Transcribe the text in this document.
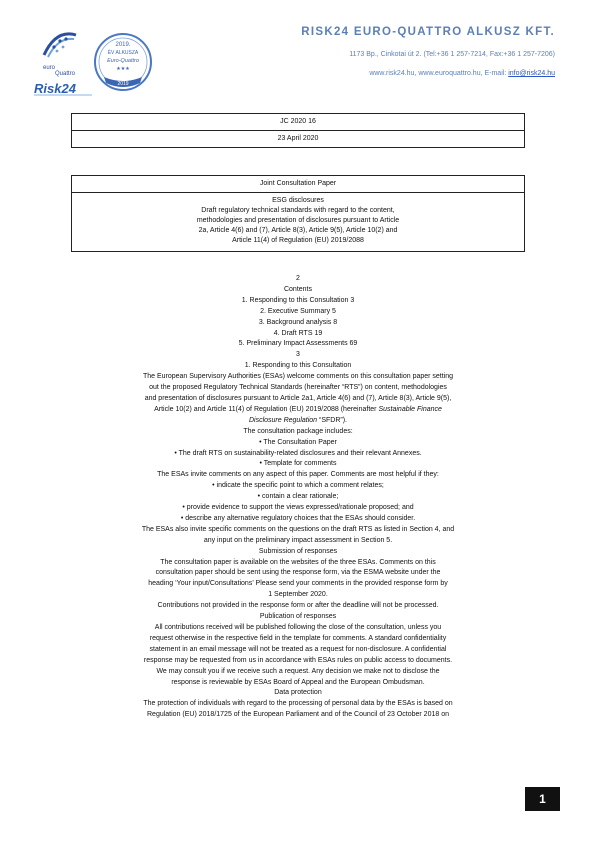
euro
Quattro
Risk24
2019.
ÉV ALKUSZA
Euro-Quattro
★★★
2019
RISK24 EURO-QUATTRO ALKUSZ KFT.
1173 Bp., Cinkotai út 2. (Tel:+36 1 257-7214, Fax:+36 1 257-7206)
www.risk24.hu, www.euroquattro.hu, E-mail: info@risk24.hu
JC 2020 16
23 April 2020
Joint Consultation Paper
ESG disclosures
Draft regulatory technical standards with regard to the content,
methodologies and presentation of disclosures pursuant to Article
2a, Article 4(6) and (7), Article 8(3), Article 9(5), Article 10(2) and
Article 11(4) of Regulation (EU) 2019/2088
2
Contents
1. Responding to this Consultation 3
2. Executive Summary 5
3. Background analysis 8
4. Draft RTS 19
5. Preliminary Impact Assessments 69
3
1. Responding to this Consultation
The European Supervisory Authorities (ESAs) welcome comments on this consultation paper setting
out the proposed Regulatory Technical Standards (hereinafter “RTS”) on content, methodologies
and presentation of disclosures pursuant to Article 2a1, Article 4(6) and (7), Article 8(3), Article 9(5),
Article 10(2) and Article 11(4) of Regulation (EU) 2019/2088 (hereinafter Sustainable Finance
Disclosure Regulation “SFDR”).
The consultation package includes:
• The Consultation Paper
• The draft RTS on sustainability-related disclosures and their relevant Annexes.
• Template for comments
The ESAs invite comments on any aspect of this paper. Comments are most helpful if they:
• indicate the specific point to which a comment relates;
• contain a clear rationale;
• provide evidence to support the views expressed/rationale proposed; and
• describe any alternative regulatory choices that the ESAs should consider.
The ESAs also invite specific comments on the questions on the draft RTS as listed in Section 4, and
any input on the preliminary impact assessment in Section 5.
Submission of responses
The consultation paper is available on the websites of the three ESAs. Comments on this
consultation paper should be sent using the response form, via the ESMA website under the
heading ‘Your input/Consultations’ Please send your comments in the provided response form by
1 September 2020.
Contributions not provided in the response form or after the deadline will not be processed.
Publication of responses
All contributions received will be published following the close of the consultation, unless you
request otherwise in the respective field in the template for comments. A standard confidentiality
statement in an email message will not be treated as a request for non-disclosure. A confidential
response may be requested from us in accordance with ESAs rules on public access to documents.
We may consult you if we receive such a request. Any decision we make not to disclose the
response is reviewable by ESAs Board of Appeal and the European Ombudsman.
Data protection
The protection of individuals with regard to the processing of personal data by the ESAs is based on
Regulation (EU) 2018/1725 of the European Parliament and of the Council of 23 October 2018 on
1
